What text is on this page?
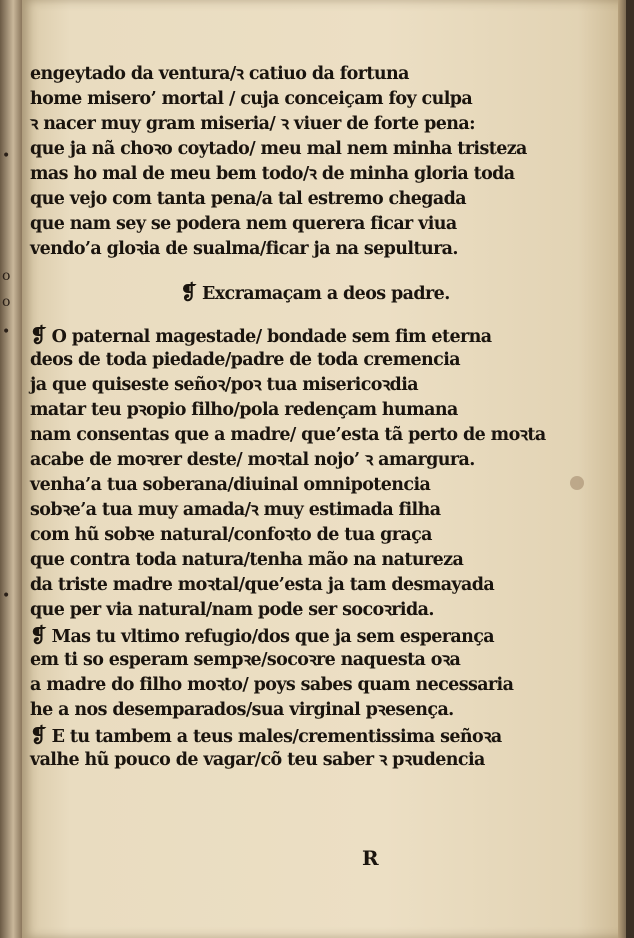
•
o
o
•
•
engeytado da ventura/ꝛ catiuo da fortuna
home misero’ mortal / cuja conceiçam foy culpa
ꝛ nacer muy gram miseria/ ꝛ viuer de forte pena:
que ja nã choꝛo coytado/ meu mal nem minha tristeza
mas ho mal de meu bem todo/ꝛ de minha gloria toda
que vejo com tanta pena/a tal estremo chegada
que nam sey se podera nem querera ficar viua
vendo’a gloꝛia de sualma/ficar ja na sepultura.
❡ Excramaçam a deos padre.
❡ O paternal magestade/ bondade sem fim eterna
deos de toda piedade/padre de toda cremencia
ja que quiseste señoꝛ/poꝛ tua misericoꝛdia
matar teu pꝛopio filho/pola redençam humana
nam consentas que a madre/ que’esta tã perto de moꝛta
acabe de moꝛrer deste/ moꝛtal nojo’ ꝛ amargura.
venha’a tua soberana/diuinal omnipotencia
sobꝛe’a tua muy amada/ꝛ muy estimada filha
com hũ sobꝛe natural/confoꝛto de tua graça
que contra toda natura/tenha mão na natureza
da triste madre moꝛtal/que’esta ja tam desmayada
que per via natural/nam pode ser socoꝛrida.
❡ Mas tu vltimo refugio/dos que ja sem esperança
em ti so esperam sempꝛe/socoꝛre naquesta oꝛa
a madre do filho moꝛto/ poys sabes quam necessaria
he a nos desemparados/sua virginal pꝛesença.
❡ E tu tambem a teus males/crementissima señoꝛa
valhe hũ pouco de vagar/cõ teu saber ꝛ pꝛudencia
R
